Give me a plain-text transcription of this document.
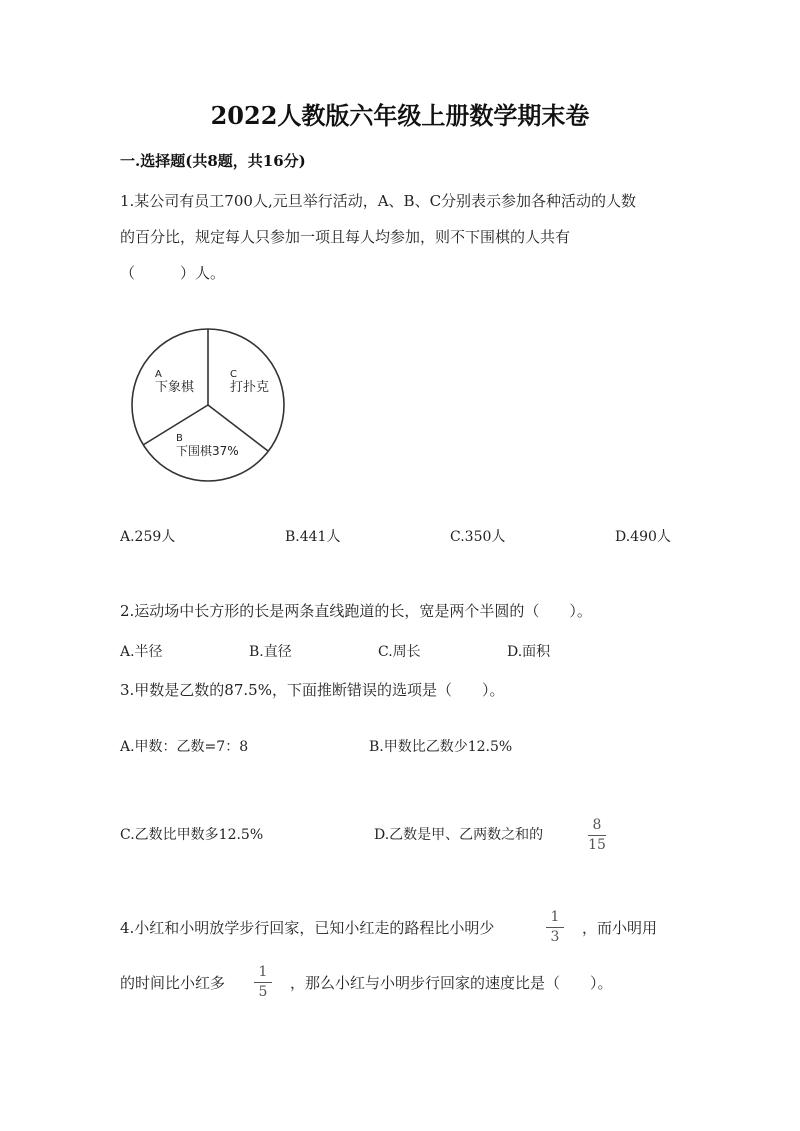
2022人教版六年级上册数学期末卷
一.选择题(共8题，共16分)
1.某公司有员工700人,元旦举行活动，A、B、C分别表示参加各种活动的人数
的百分比，规定每人只参加一项且每人均参加，则不下围棋的人共有
（　　　）人。
A
下象棋
C
打扑克
B
下围棋37%
A.259人	B.441人	C.350人	D.490人
2.运动场中长方形的长是两条直线跑道的长，宽是两个半圆的（　　）。
A.半径	B.直径	C.周长	D.面积
3.甲数是乙数的87.5%，下面推断错误的选项是（　　）。
A.甲数：乙数=7：8	B.甲数比乙数少12.5%
C.乙数比甲数多12.5%	D.乙数是甲、乙两数之和的
8
15
4.小红和小明放学步行回家，已知小红走的路程比小明少
1
3 ，而小明用
的时间比小红多
1
5 ，那么小红与小明步行回家的速度比是（　　）。
